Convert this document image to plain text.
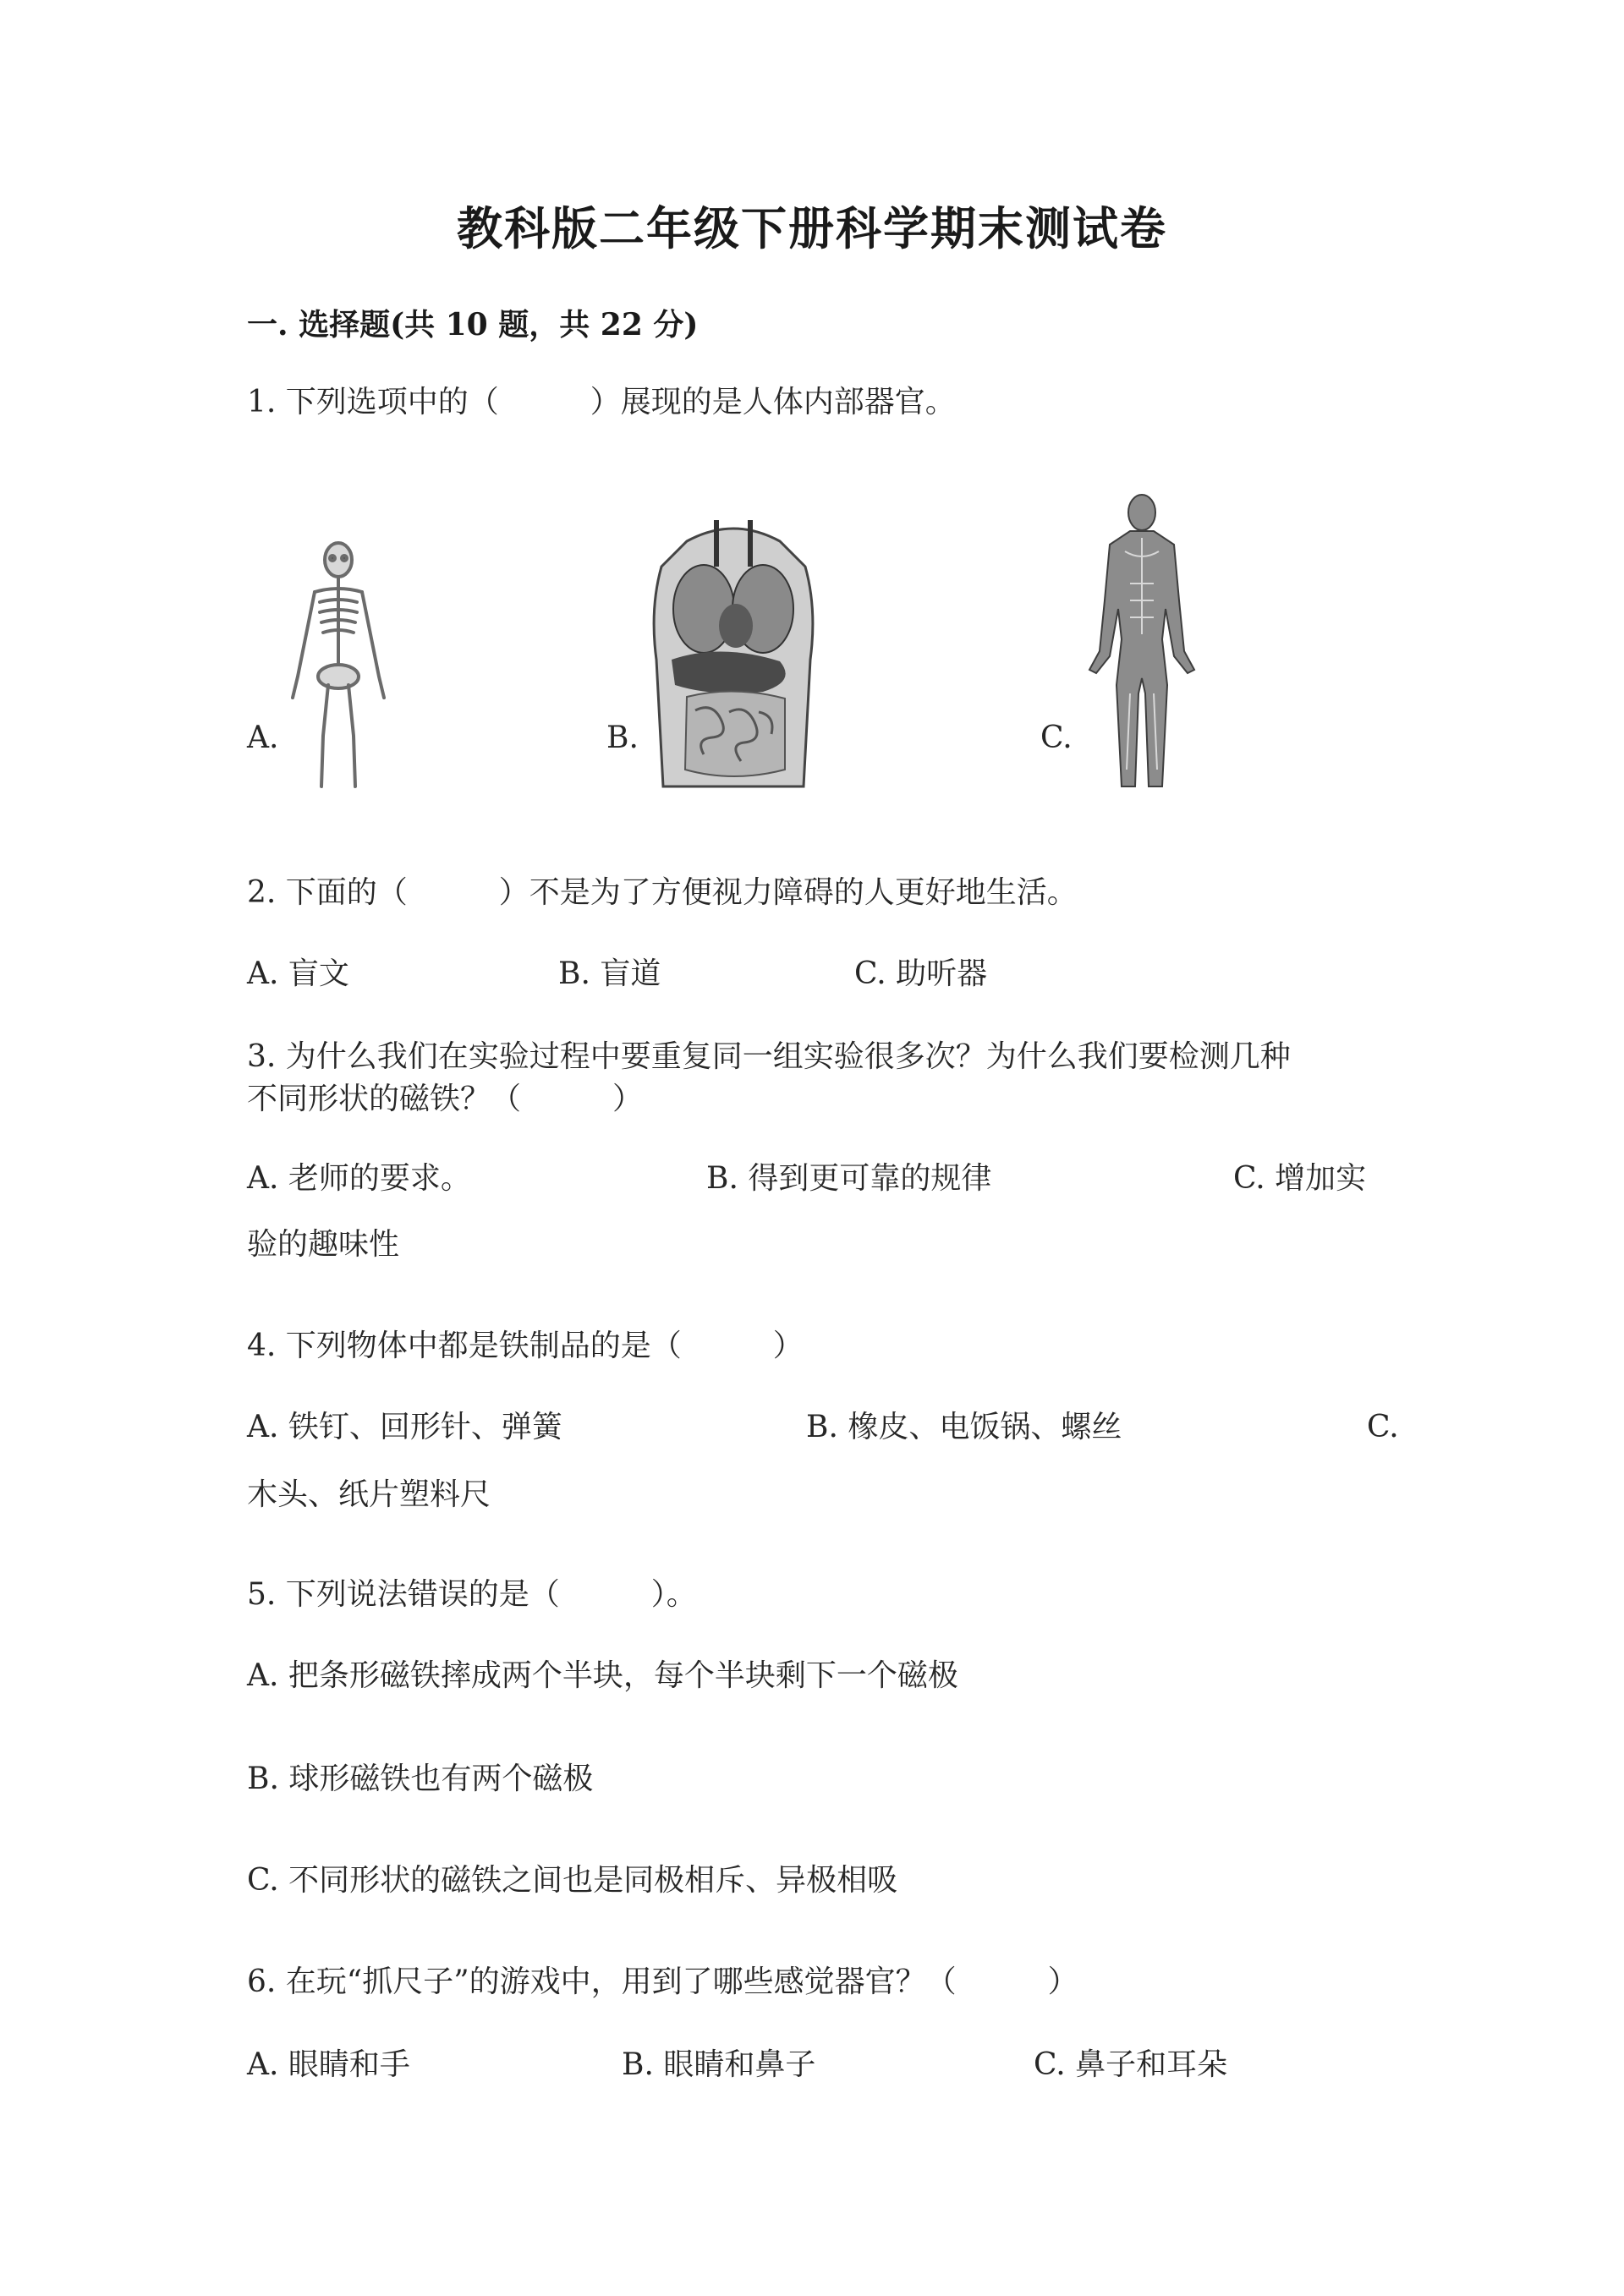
教科版二年级下册科学期末测试卷
一. 选择题(共 10 题，共 22 分)
1. 下列选项中的（　　　）展现的是人体内部器官。
A.	B.	C.
2. 下面的（　　　）不是为了方便视力障碍的人更好地生活。
A. 盲文	B. 盲道	C. 助听器
3. 为什么我们在实验过程中要重复同一组实验很多次？为什么我们要检测几种
不同形状的磁铁？（　　　）
A. 老师的要求。	B. 得到更可靠的规律	C. 增加实
验的趣味性
4. 下列物体中都是铁制品的是（　　　）
A. 铁钉、回形针、弹簧	B. 橡皮、电饭锅、螺丝	C.
木头、纸片塑料尺
5. 下列说法错误的是（　　　）。
A. 把条形磁铁摔成两个半块，每个半块剩下一个磁极
B. 球形磁铁也有两个磁极
C. 不同形状的磁铁之间也是同极相斥、异极相吸
6. 在玩“抓尺子”的游戏中，用到了哪些感觉器官？（　　　）
A. 眼睛和手	B. 眼睛和鼻子	C. 鼻子和耳朵
